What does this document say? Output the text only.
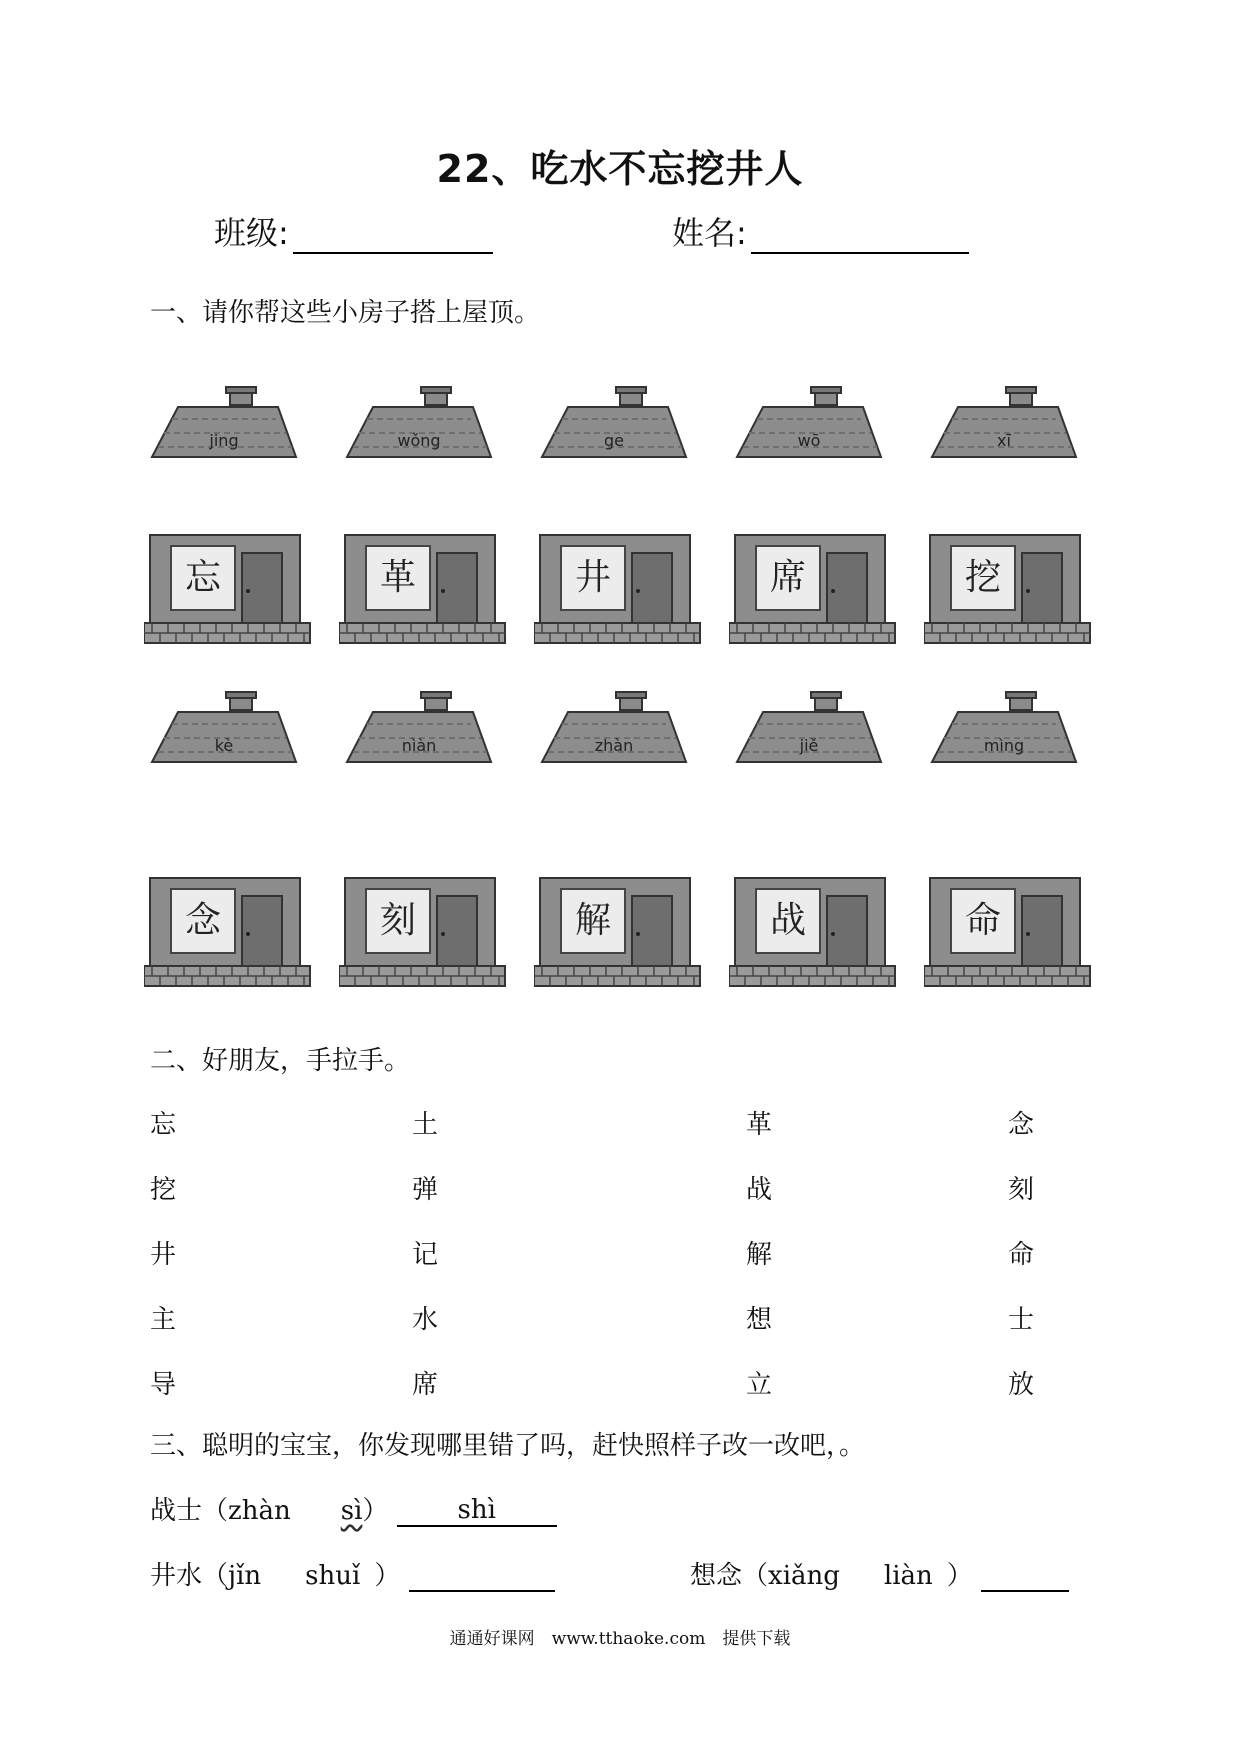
22、吃水不忘挖井人
班级:	姓名:
一、请你帮这些小房子搭上屋顶。
jing	wǒng	ge	wō	xī
忘	革	井	席	挖
kè	nìàn	zhàn	jiě	mìng
念	刻	解	战	命
二、好朋友，手拉手。
忘	土	革	念
挖	弹	战	刻
井	记	解	命
主	水	想	士
导	席	立	放
三、聪明的宝宝，你发现哪里错了吗，赶快照样子改一改吧，。
战士（zhàn sì）	shì
井水（jǐn shuǐ ）	想念（xiǎng liàn ）
通通好课网　www.tthaoke.com　提供下载
